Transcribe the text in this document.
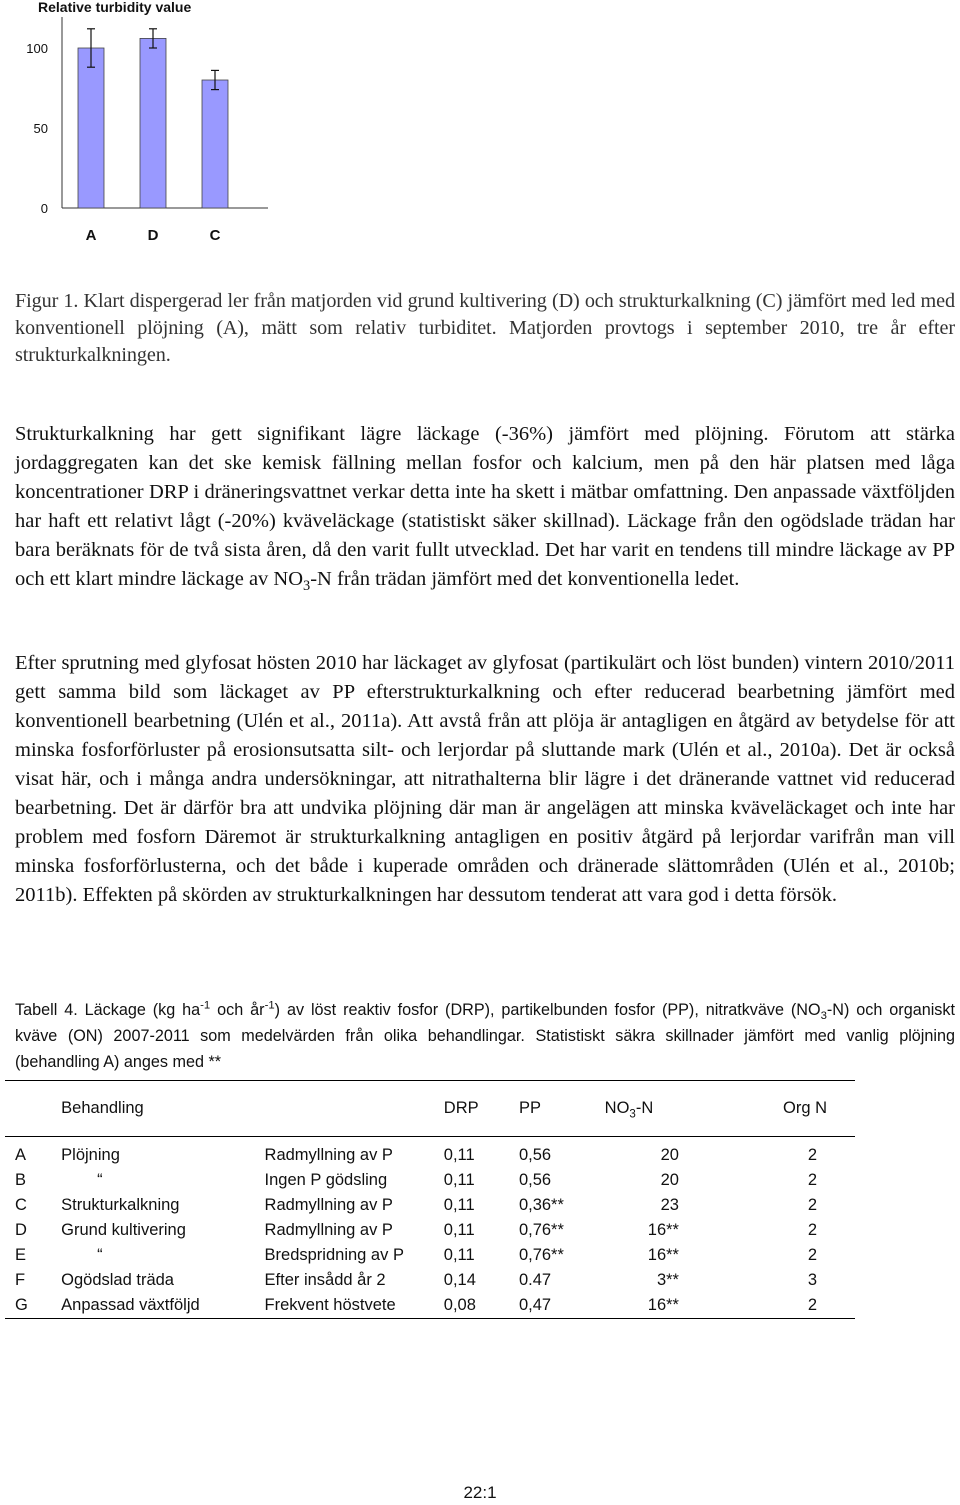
Relative turbidity value
0
50
100
A	D	C

Figur 1. Klart dispergerad ler från matjorden vid grund kultivering (D) och strukturkalkning (C) jämfört med led med konventionell plöjning (A), mätt som relativ turbiditet. Matjorden provtogs i september 2010, tre år efter strukturkalkningen.

Strukturkalkning har gett signifikant lägre läckage (-36%) jämfört med plöjning. Förutom att stärka jordaggregaten kan det ske kemisk fällning mellan fosfor och kalcium, men på den här platsen med låga koncentrationer DRP i dräneringsvattnet verkar detta inte ha skett i mätbar omfattning. Den anpassade växtföljden har haft ett relativt lågt (-20%) kväveläckage (statistiskt säker skillnad). Läckage från den ogödslade trädan har bara beräknats för de två sista åren, då den varit fullt utvecklad. Det har varit en tendens till mindre läckage av PP och ett klart mindre läckage av $NO_3-N$ från trädan jämfört med det konventionella ledet.

Efter sprutning med glyfosat hösten 2010 har läckaget av glyfosat (partikulärt och löst bunden) vintern 2010/2011 gett samma bild som läckaget av PP efterstrukturkalkning och efter reducerad bearbetning jämfört med konventionell bearbetning (Ulén et al., 2011a). Att avstå från att plöja är antagligen en åtgärd av betydelse för att minska fosforförluster på erosionsutsatta silt- och lerjordar på sluttande mark (Ulén et al., 2010a). Det är också visat här, och i många andra undersökningar, att nitrathalterna blir lägre i det dränerande vattnet vid reducerad bearbetning. Det är därför bra att undvika plöjning där man är angelägen att minska kväveläckaget och inte har problem med fosforn Däremot är strukturkalkning antagligen en positiv åtgärd på lerjordar varifrån man vill minska fosforförlusterna, och det både i kuperade områden och dränerade slättområden (Ulén et al., 2010b; 2011b). Effekten på skörden av strukturkalkningen har dessutom tenderat att vara god i detta försök.

Tabell 4. Läckage (kg $ha^{-1}$ och $år^{-1}$) av löst reaktiv fosfor (DRP), partikelbunden fosfor (PP), nitratkväve $(NO_3-N)$ och organiskt kväve (ON) 2007-2011 som medelvärden från olika behandlingar. Statistiskt säkra skillnader jämfört med vanlig plöjning (behandling A) anges med **

	Behandling		DRP	PP	$NO_3-N$	Org N
A	Plöjning	Radmyllning av P	0,11	0,56	20	2
B	“	Ingen P gödsling	0,11	0,56	20	2
C	Strukturkalkning	Radmyllning av P	0,11	0,36**	23	2
D	Grund kultivering	Radmyllning av P	0,11	0,76**	16**	2
E	“	Bredspridning av P	0,11	0,76**	16**	2
F	Ogödslad träda	Efter insådd år 2	0,14	0.47	3**	3
G	Anpassad växtföljd	Frekvent höstvete	0,08	0,47	16**	2
22:1
